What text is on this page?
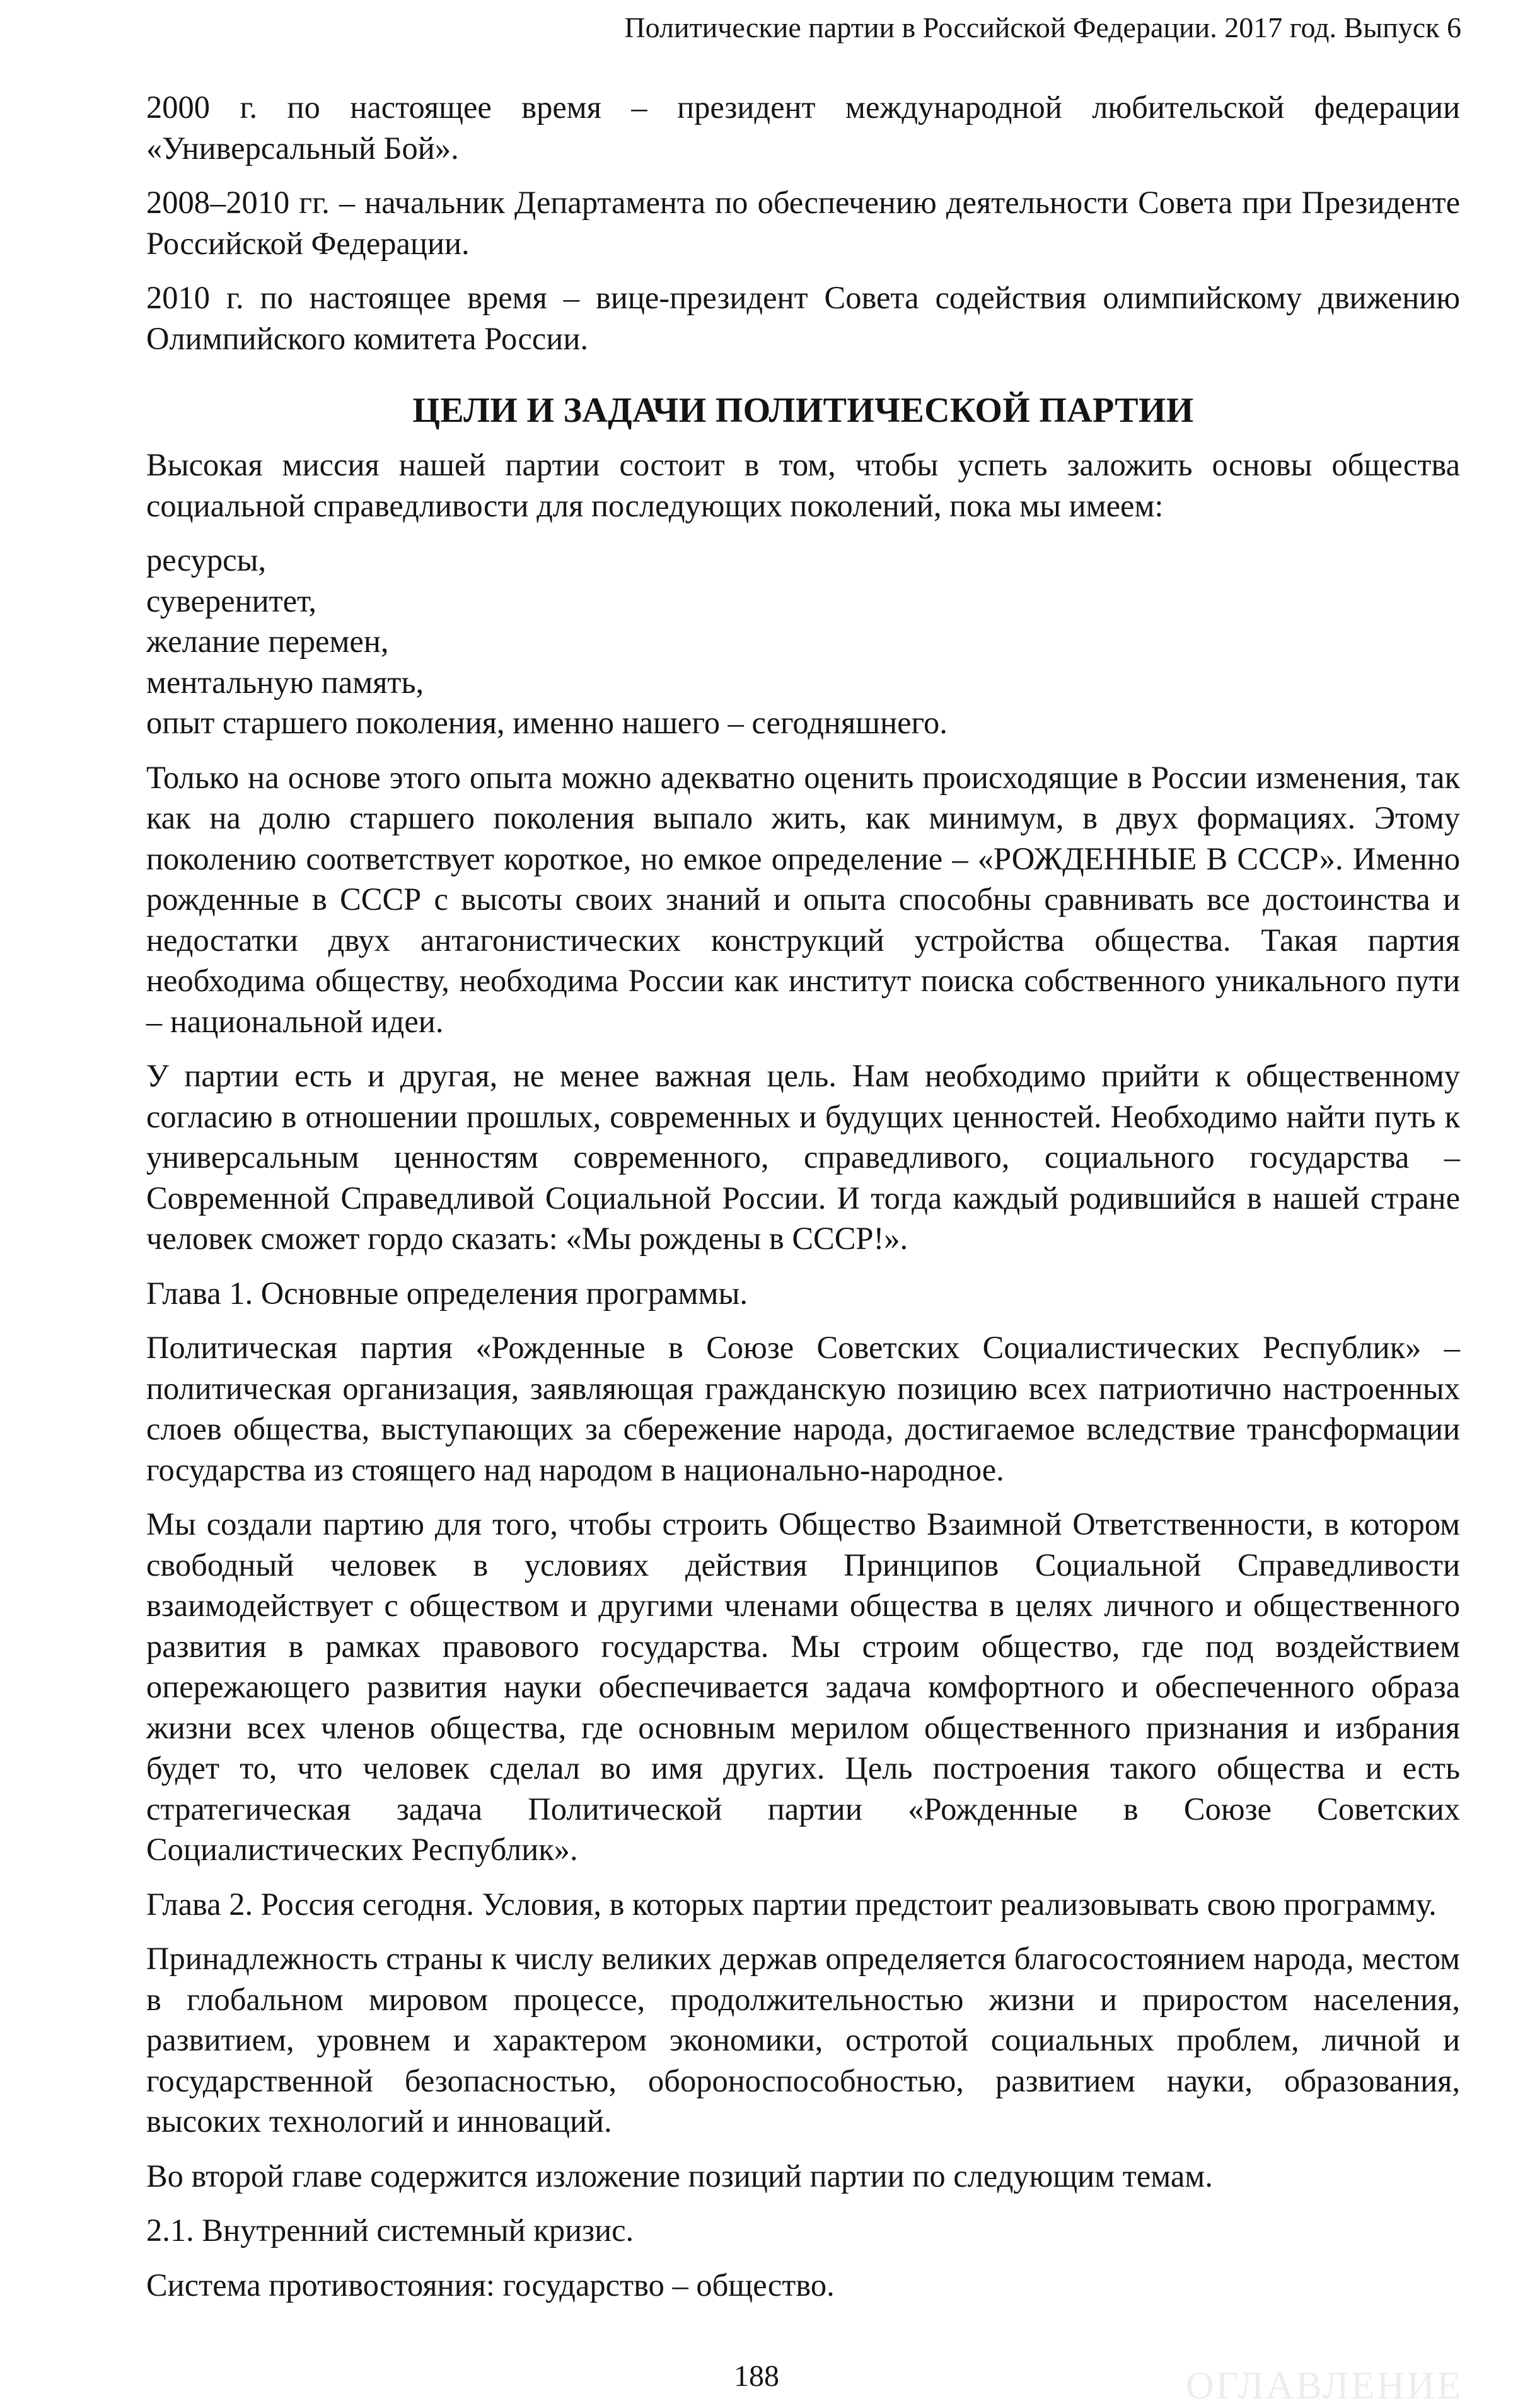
Политические партии в Российской Федерации. 2017 год. Выпуск 6

2000 г. по настоящее время – президент международной любительской федерации «Универсальный Бой».

2008–2010 гг. – начальник Департамента по обеспечению деятельности Совета при Президенте Российской Федерации.

2010 г. по настоящее время – вице-президент Совета содействия олимпийскому движению Олимпийского комитета России.

ЦЕЛИ И ЗАДАЧИ ПОЛИТИЧЕСКОЙ ПАРТИИ

Высокая миссия нашей партии состоит в том, чтобы успеть заложить основы общества социальной справедливости для последующих поколений, пока мы имеем:

ресурсы,

суверенитет,

желание перемен,

ментальную память,

опыт старшего поколения, именно нашего – сегодняшнего.

Только на основе этого опыта можно адекватно оценить происходящие в России изменения, так как на долю старшего поколения выпало жить, как минимум, в двух формациях. Этому поколению соответствует короткое, но емкое определение – «РОЖДЕННЫЕ В СССР». Именно рожденные в СССР с высоты своих знаний и опыта способны сравнивать все достоинства и недостатки двух антагонистических конструкций устройства общества. Такая партия необходима обществу, необходима России как институт поиска собственного уникального пути – национальной идеи.

У партии есть и другая, не менее важная цель. Нам необходимо прийти к общественному согласию в отношении прошлых, современных и будущих ценностей. Необходимо найти путь к универсальным ценностям современного, справедливого, социального государства – Современной Справедливой Социальной России. И тогда каждый родившийся в нашей стране человек сможет гордо сказать: «Мы рождены в СССР!».

Глава 1. Основные определения программы.

Политическая партия «Рожденные в Союзе Советских Социалистических Республик» – политическая организация, заявляющая гражданскую позицию всех патриотично настроенных слоев общества, выступающих за сбережение народа, достигаемое вследствие трансформации государства из стоящего над народом в национально-народное.

Мы создали партию для того, чтобы строить Общество Взаимной Ответственности, в котором свободный человек в условиях действия Принципов Социальной Справедливости взаимодействует с обществом и другими членами общества в целях личного и общественного развития в рамках правового государства. Мы строим общество, где под воздействием опережающего развития науки обеспечивается задача комфортного и обеспеченного образа жизни всех членов общества, где основным мерилом общественного признания и избрания будет то, что человек сделал во имя других. Цель построения такого общества и есть стратегическая задача Политической партии «Рожденные в Союзе Советских Социалистических Республик».

Глава 2. Россия сегодня. Условия, в которых партии предстоит реализовывать свою программу.

Принадлежность страны к числу великих держав определяется благосостоянием народа, местом в глобальном мировом процессе, продолжительностью жизни и приростом населения, развитием, уровнем и характером экономики, остротой социальных проблем, личной и государственной безопасностью, обороноспособностью, развитием науки, образования, высоких технологий и инноваций.

Во второй главе содержится изложение позиций партии по следующим темам.

2.1. Внутренний системный кризис.

Система противостояния: государство – общество.

188	ОГЛАВЛЕНИЕ
